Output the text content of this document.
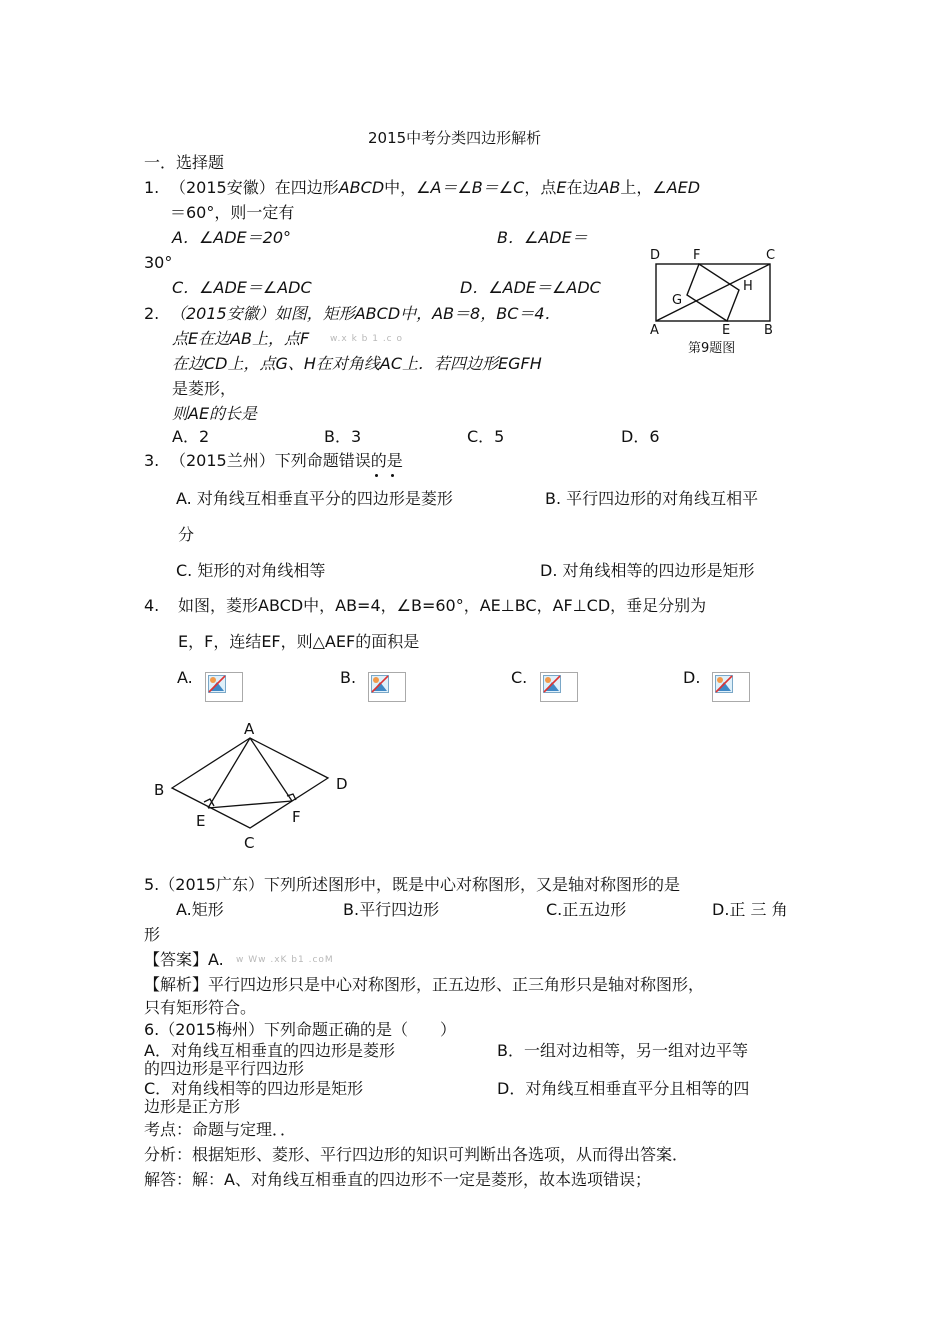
2015中考分类四边形解析
一．选择题
1. （2015安徽）在四边形ABCD中，∠A＝∠B＝∠C，点E在边AB上，∠AED
＝60°，则一定有
A．∠ADE＝20°	B．∠ADE＝
30°
C．∠ADE＝∠ADC	D．∠ADE＝∠ADC
D	F	C
G
H
A	E	B
第9题图
2. （2015安徽）如图，矩形ABCD中，AB＝8，BC＝4．
点E在边AB上，点F w.x k b 1 .c o
在边CD上，点G、H在对角线AC上．若四边形EGFH
是菱形，
则AE的长是
A．2	B．3	C．5	D．6
3. （2015兰州）下列命题错误的是
A. 对角线互相垂直平分的四边形是菱形	B. 平行四边形的对角线互相平
分
C. 矩形的对角线相等	D. 对角线相等的四边形是矩形
4. 如图，菱形ABCD中，AB=4，∠B=60°，AE⊥BC，AF⊥CD，垂足分别为
E，F，连结EF，则△AEF的面积是
A.	B.	C.	D.
A
B	D
E	F
C
5.（2015广东）下列所述图形中，既是中心对称图形，又是轴对称图形的是
A.矩形	B.平行四边形	C.正五边形	D.正 三 角
形
【答案】A. w Ww .xK b1 .coM
【解析】平行四边形只是中心对称图形，正五边形、正三角形只是轴对称图形，
只有矩形符合。
6.（2015梅州）下列命题正确的是（　　）
A．对角线互相垂直的四边形是菱形	B．一组对边相等，另一组对边平等
的四边形是平行四边形
C．对角线相等的四边形是矩形	D．对角线互相垂直平分且相等的四
边形是正方形
考点：命题与定理．．
分析：根据矩形、菱形、平行四边形的知识可判断出各选项，从而得出答案．
解答：解：A、对角线互相垂直的四边形不一定是菱形，故本选项错误；
